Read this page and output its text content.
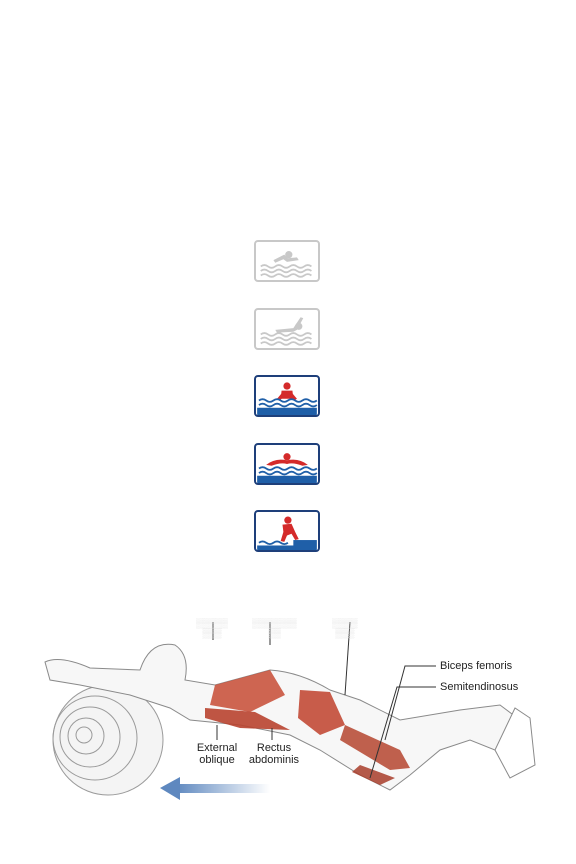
▒▒▒▒▒
▒▒▒
▒▒▒▒▒▒▒
▒▒
▒▒▒▒
▒▒▒
Biceps femoris
Semitendinosus
External
oblique
Rectus
abdominis
